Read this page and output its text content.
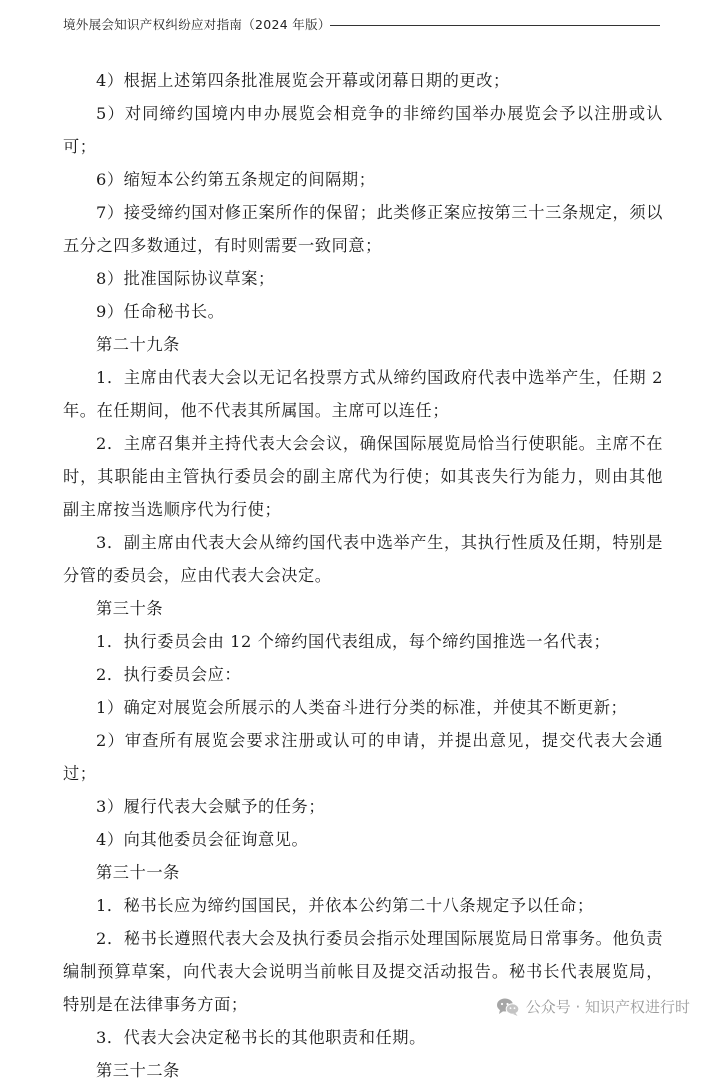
境外展会知识产权纠纷应对指南（2024 年版）

4）根据上述第四条批准展览会开幕或闭幕日期的更改；

5）对同缔约国境内申办展览会相竞争的非缔约国举办展览会予以注册或认可；

6）缩短本公约第五条规定的间隔期；

7）接受缔约国对修正案所作的保留；此类修正案应按第三十三条规定，须以五分之四多数通过，有时则需要一致同意；

8）批准国际协议草案；

9）任命秘书长。

第二十九条

1．主席由代表大会以无记名投票方式从缔约国政府代表中选举产生，任期 2 年。在任期间，他不代表其所属国。主席可以连任；

2．主席召集并主持代表大会会议，确保国际展览局恰当行使职能。主席不在时，其职能由主管执行委员会的副主席代为行使；如其丧失行为能力，则由其他副主席按当选顺序代为行使；

3．副主席由代表大会从缔约国代表中选举产生，其执行性质及任期，特别是分管的委员会，应由代表大会决定。

第三十条

1．执行委员会由 12 个缔约国代表组成，每个缔约国推选一名代表；

2．执行委员会应：

1）确定对展览会所展示的人类奋斗进行分类的标准，并使其不断更新；

2）审查所有展览会要求注册或认可的申请，并提出意见，提交代表大会通过；

3）履行代表大会赋予的任务；

4）向其他委员会征询意见。

第三十一条

1．秘书长应为缔约国国民，并依本公约第二十八条规定予以任命；

2．秘书长遵照代表大会及执行委员会指示处理国际展览局日常事务。他负责编制预算草案，向代表大会说明当前帐目及提交活动报告。秘书长代表展览局，特别是在法律事务方面；

3．代表大会决定秘书长的其他职责和任期。

第三十二条

公众号 · 知识产权进行时
